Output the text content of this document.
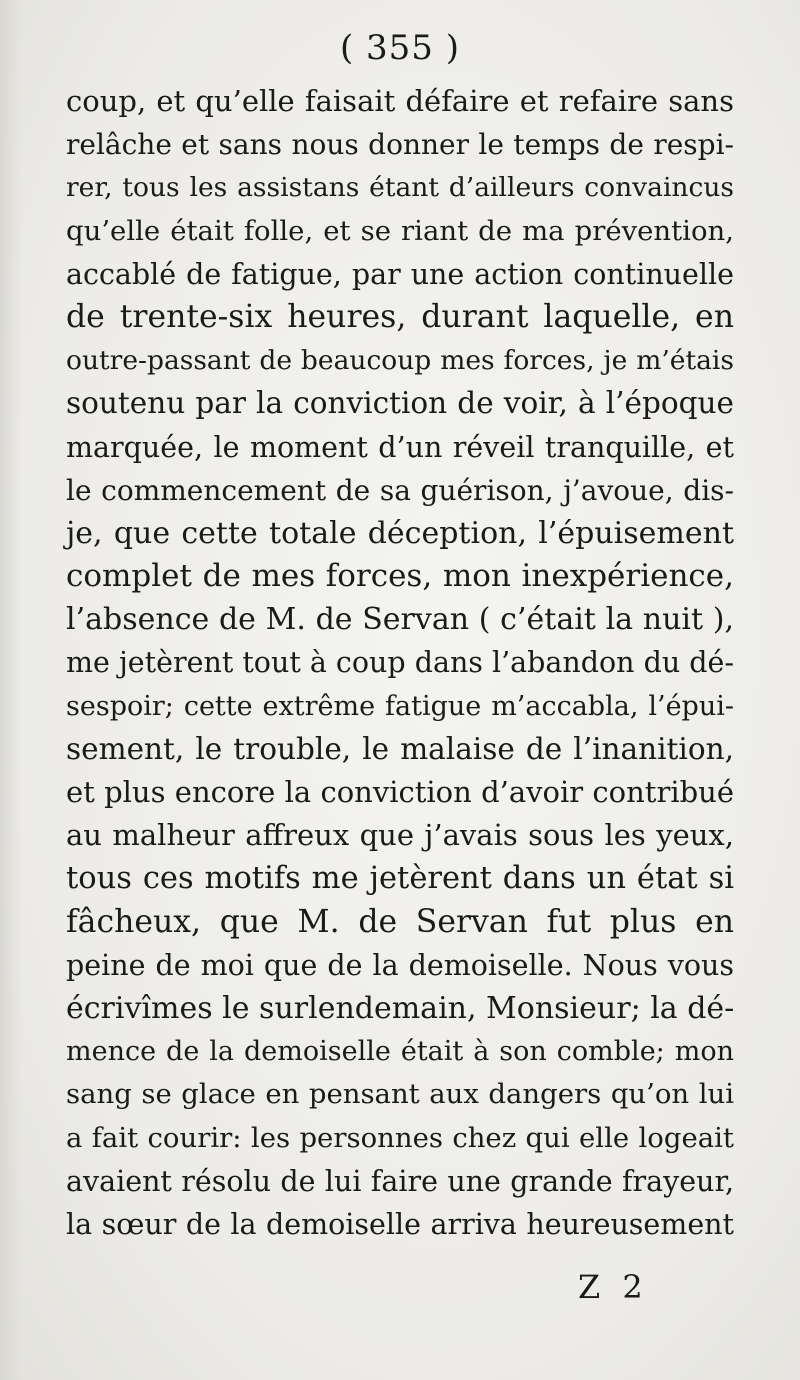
( 355 )
coup, et qu’elle faisait défaire et refaire sans
relâche et sans nous donner le temps de respi-
rer, tous les assistans étant d’ailleurs convaincus
qu’elle était folle, et se riant de ma prévention,
accablé de fatigue, par une action continuelle
de trente-six heures, durant laquelle, en
outre-passant de beaucoup mes forces, je m’étais
soutenu par la conviction de voir, à l’époque
marquée, le moment d’un réveil tranquille, et
le commencement de sa guérison, j’avoue, dis-
je, que cette totale déception, l’épuisement
complet de mes forces, mon inexpérience,
l’absence de M. de Servan ( c’était la nuit ),
me jetèrent tout à coup dans l’abandon du dé-
sespoir; cette extrême fatigue m’accabla, l’épui-
sement, le trouble, le malaise de l’inanition,
et plus encore la conviction d’avoir contribué
au malheur affreux que j’avais sous les yeux,
tous ces motifs me jetèrent dans un état si
fâcheux, que M. de Servan fut plus en
peine de moi que de la demoiselle. Nous vous
écrivîmes le surlendemain, Monsieur; la dé-
mence de la demoiselle était à son comble; mon
sang se glace en pensant aux dangers qu’on lui
a fait courir: les personnes chez qui elle logeait
avaient résolu de lui faire une grande frayeur,
la sœur de la demoiselle arriva heureusement
Z 2
